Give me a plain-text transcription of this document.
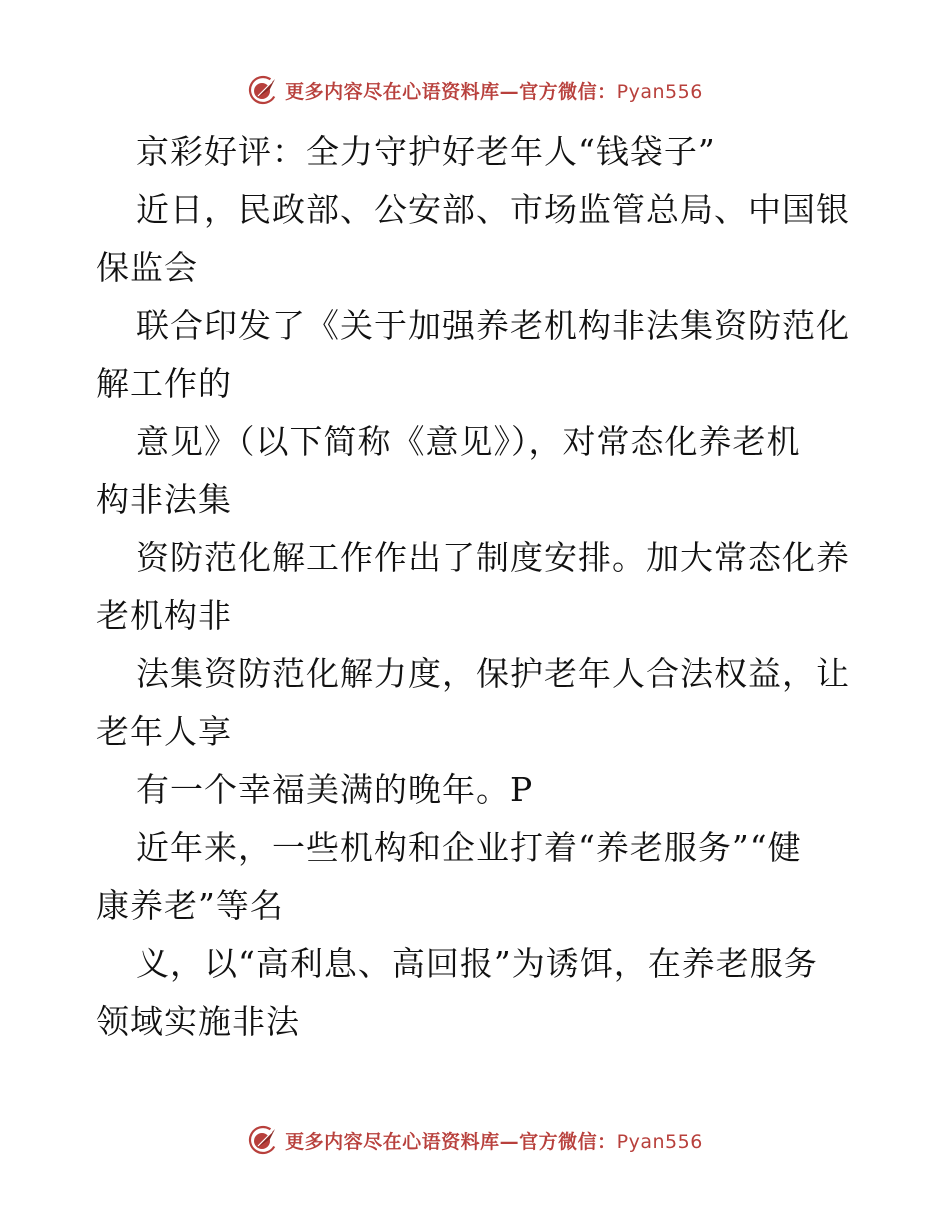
更多内容尽在心语资料库—官方微信：Pyan556
京彩好评：全力守护好老年人“钱袋子”
近日，民政部、公安部、市场监管总局、中国银
保监会
联合印发了《关于加强养老机构非法集资防范化
解工作的
意见》（以下简称《意见》），对常态化养老机
构非法集
资防范化解工作作出了制度安排。加大常态化养
老机构非
法集资防范化解力度，保护老年人合法权益，让
老年人享
有一个幸福美满的晚年。P
近年来，一些机构和企业打着“养老服务”“健
康养老”等名
义，以“高利息、高回报”为诱饵，在养老服务
领域实施非法
更多内容尽在心语资料库—官方微信：Pyan556
